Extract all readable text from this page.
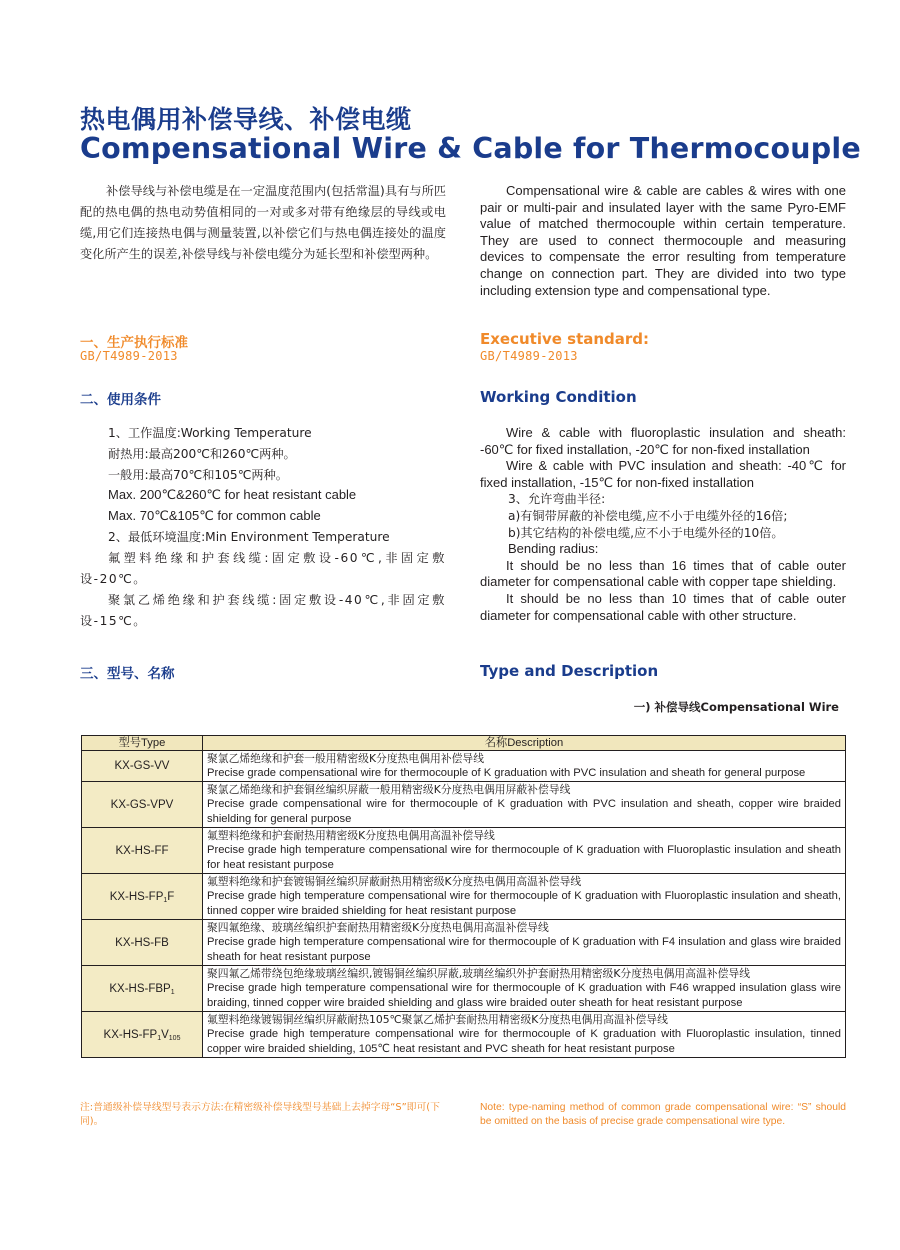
热电偶用补偿导线、补偿电缆
Compensational Wire & Cable for Thermocouple
补偿导线与补偿电缆是在一定温度范围内(包括常温)具有与所匹配的热电偶的热电动势值相同的一对或多对带有绝缘层的导线或电缆,用它们连接热电偶与测量装置,以补偿它们与热电偶连接处的温度变化所产生的误差,补偿导线与补偿电缆分为延长型和补偿型两种。
Compensational wire & cable are cables & wires with one pair or multi-pair and insulated layer with the same Pyro-EMF value of matched thermocouple within certain temperature. They are used to connect thermocouple and measuring devices to compensate the error resulting from temperature change on connection part. They are divided into two type including extension type and compensational type.
一、生产执行标准
GB/T4989-2013
Executive standard:
GB/T4989-2013
二、使用条件	Working Condition
1、工作温度:Working Temperature
耐热用:最高200℃和260℃两种。
一般用:最高70℃和105℃两种。
Max. 200℃&260℃ for heat resistant cable
Max. 70℃&105℃ for common cable
2、最低环境温度:Min Environment Temperature
氟塑料绝缘和护套线缆:固定敷设-60℃,非固定敷设-20℃。
聚氯乙烯绝缘和护套线缆:固定敷设-40℃,非固定敷设-15℃。
Wire & cable with fluoroplastic insulation and sheath: -60℃ for fixed installation, -20℃ for non-fixed installation
Wire & cable with PVC insulation and sheath: -40℃ for fixed installation, -15℃ for non-fixed installation
3、允许弯曲半径:
a)有铜带屏蔽的补偿电缆,应不小于电缆外径的16倍;
b)其它结构的补偿电缆,应不小于电缆外径的10倍。
Bending radius:
It should be no less than 16 times that of cable outer diameter for compensational cable with copper tape shielding.
It should be no less than 10 times that of cable outer diameter for compensational cable with other structure.
三、型号、名称	Type and Description
一) 补偿导线Compensational Wire
型号Type	名称Description
KX-GS-VV	聚氯乙烯绝缘和护套一般用精密级K分度热电偶用补偿导线
Precise grade compensational wire for thermocouple of K graduation with PVC insulation and sheath for general purpose

KX-GS-VPV	聚氯乙烯绝缘和护套铜丝编织屏蔽一般用精密级K分度热电偶用屏蔽补偿导线
Precise grade compensational wire for thermocouple of K graduation with PVC insulation and sheath, copper wire braided shielding for general purpose

KX-HS-FF	氟塑料绝缘和护套耐热用精密级K分度热电偶用高温补偿导线
Precise grade high temperature compensational wire for thermocouple of K graduation with Fluoroplastic insulation and sheath for heat resistant purpose

$KX-HS-FP_1F$	氟塑料绝缘和护套镀锡铜丝编织屏蔽耐热用精密级K分度热电偶用高温补偿导线
Precise grade high temperature compensational wire for thermocouple of K graduation with Fluoroplastic insulation and sheath, tinned copper wire braided shielding for heat resistant purpose

KX-HS-FB	聚四氟绝缘、玻璃丝编织护套耐热用精密级K分度热电偶用高温补偿导线
Precise grade high temperature compensational wire for thermocouple of K graduation with F4 insulation and glass wire braided sheath for heat resistant purpose

$KX-HS-FBP_1$	聚四氟乙烯带绕包绝缘玻璃丝编织,镀锡铜丝编织屏蔽,玻璃丝编织外护套耐热用精密级K分度热电偶用高温补偿导线
Precise grade high temperature compensational wire for thermocouple of K graduation with F46 wrapped insulation glass wire braiding, tinned copper wire braided shielding and glass wire braided outer sheath for heat resistant purpose

$KX-HS-FP_1V_{105}$	氟塑料绝缘镀锡铜丝编织屏蔽耐热105℃聚氯乙烯护套耐热用精密级K分度热电偶用高温补偿导线
Precise grade high temperature compensational wire for thermocouple of K graduation with Fluoroplastic insulation, tinned copper wire braided shielding, 105℃ heat resistant and PVC sheath for heat resistant purpose
注:普通级补偿导线型号表示方法:在精密级补偿导线型号基础上去掉字母“S”即可(下同)。
Note: type-naming method of common grade compensational wire: “S” should be omitted on the basis of precise grade compensational wire type.
